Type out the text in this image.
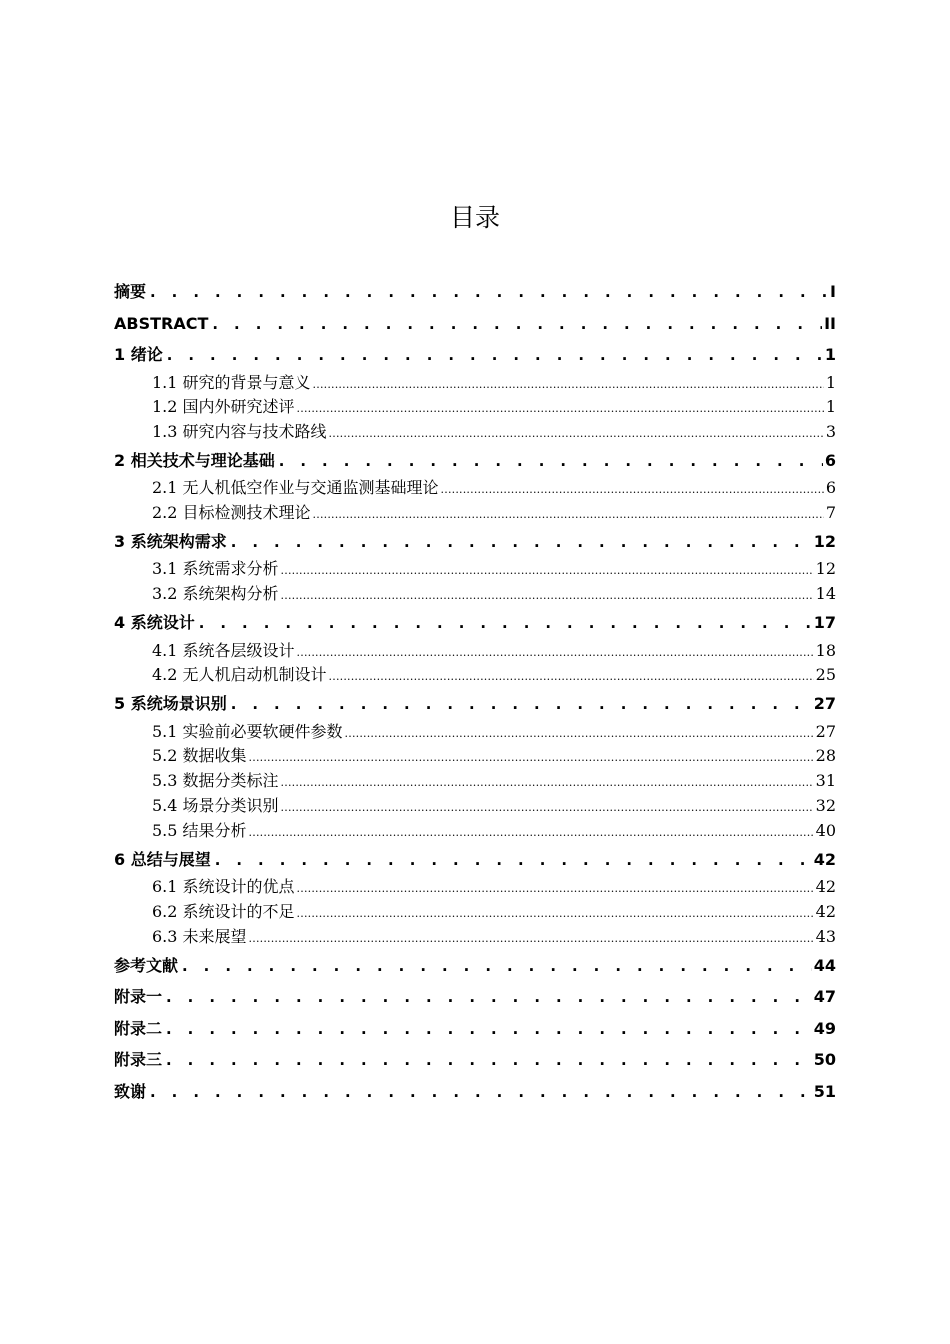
目录
摘要 . . .	I
ABSTRACT . . .	II
1 绪论 . . .	1
1.1 研究的背景与意义 .....	1
1.2 国内外研究述评 .....	1
1.3 研究内容与技术路线 .....	3
2 相关技术与理论基础 . . .	6
2.1 无人机低空作业与交通监测基础理论 .....	6
2.2 目标检测技术理论 .....	7
3 系统架构需求 . . .	12
3.1 系统需求分析 .....	12
3.2 系统架构分析 .....	14
4 系统设计 . . .	17
4.1 系统各层级设计 .....	18
4.2 无人机启动机制设计 .....	25
5 系统场景识别 . . .	27
5.1 实验前必要软硬件参数 .....	27
5.2 数据收集 .....	28
5.3 数据分类标注 .....	31
5.4 场景分类识别 .....	32
5.5 结果分析 .....	40
6 总结与展望 . . .	42
6.1 系统设计的优点 .....	42
6.2 系统设计的不足 .....	42
6.3 未来展望 .....	43
参考文献 . . .	44
附录一 . . .	47
附录二 . . .	49
附录三 . . .	50
致谢 . . .	51
